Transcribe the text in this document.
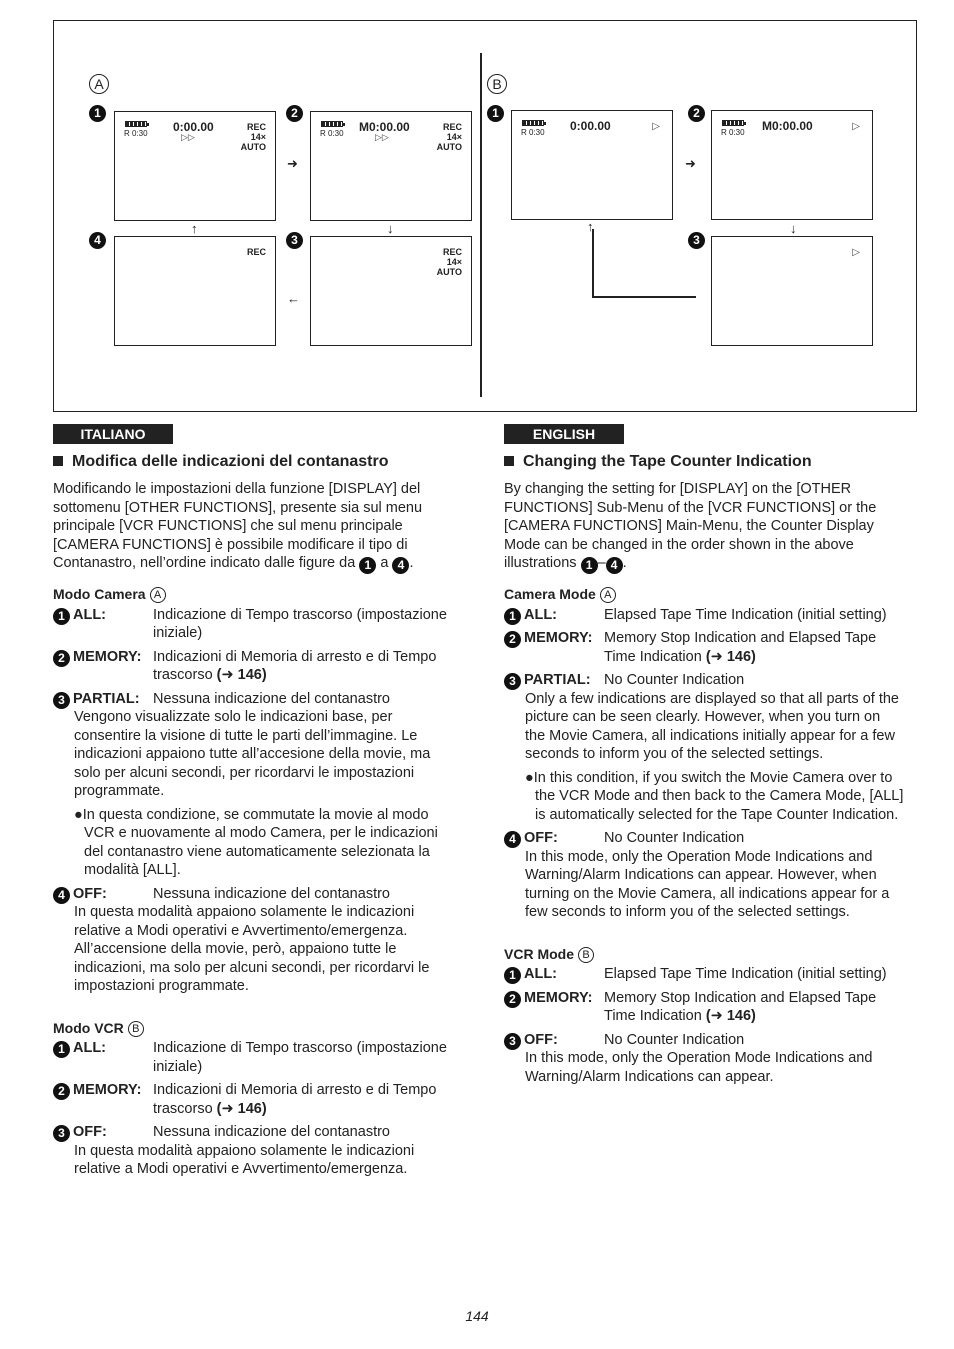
A
1
R 0:30 0:00.00
▷▷
REC
14×
AUTO
2
R 0:30 M0:00.00
▷▷
REC
14×
AUTO
➜
↓
↑
←
4
REC
3
REC
14×
AUTO
B
1
R 0:30 0:00.00	▷
2
R 0:30 M0:00.00	▷
➜
↓
3
▷
↑
ITALIANO

Modifica delle indicazioni del contanastro

Modificando le impostazioni della funzione [DISPLAY] del sottomenu [OTHER FUNCTIONS], presente sia sul menu principale [VCR FUNCTIONS] che sul menu principale [CAMERA FUNCTIONS] è possibile modificare il tipo di Contanastro, nell’ordine indicato dalle figure da 1 a 4 .

Modo Camera A

1 ALL:	Indicazione di Tempo trascorso (impostazione iniziale)

2 MEMORY: Indicazioni di Memoria di arresto e di Tempo trascorso (➜ 146)

3 PARTIAL: Nessuna indicazione del contanastro

Vengono visualizzate solo le indicazioni base, per consentire la visione di tutte le parti dell’immagine. Le indicazioni appaiono tutte all’accesione della movie, ma solo per alcuni secondi, per ricordarvi le impostazioni programmate.

●In questa condizione, se commutate la movie al modo VCR e nuovamente al modo Camera, per le indicazioni del contanastro viene automaticamente selezionata la modalità [ALL].

4 OFF:	Nessuna indicazione del contanastro

In questa modalità appaiono solamente le indicazioni relative a Modi operativi e Avvertimento/emergenza. All’accensione della movie, però, appaiono tutte le indicazioni, ma solo per alcuni secondi, per ricordarvi le impostazioni programmate.

Modo VCR B

1 ALL:	Indicazione di Tempo trascorso (impostazione iniziale)

2 MEMORY: Indicazioni di Memoria di arresto e di Tempo trascorso (➜ 146)

3 OFF:	Nessuna indicazione del contanastro

In questa modalità appaiono solamente le indicazioni relative a Modi operativi e Avvertimento/emergenza.

ENGLISH

Changing the Tape Counter Indication

By changing the setting for [DISPLAY] on the [OTHER FUNCTIONS] Sub-Menu of the [VCR FUNCTIONS] or the [CAMERA FUNCTIONS] Main-Menu, the Counter Display Mode can be changed in the order shown in the above illustrations 1 – 4 .

Camera Mode A

1 ALL:	Elapsed Tape Time Indication (initial setting)

2 MEMORY: Memory Stop Indication and Elapsed Tape Time Indication (➜ 146)

3 PARTIAL: No Counter Indication

Only a few indications are displayed so that all parts of the picture can be seen clearly. However, when you turn on the Movie Camera, all indications initially appear for a few seconds to inform you of the selected settings.

●In this condition, if you switch the Movie Camera over to the VCR Mode and then back to the Camera Mode, [ALL] is automatically selected for the Tape Counter Indication.

4 OFF:	No Counter Indication

In this mode, only the Operation Mode Indications and Warning/Alarm Indications can appear. However, when turning on the Movie Camera, all indications appear for a few seconds to inform you of the selected settings.

VCR Mode B

1 ALL:	Elapsed Tape Time Indication (initial setting)

2 MEMORY: Memory Stop Indication and Elapsed Tape Time Indication (➜ 146)

3 OFF:	No Counter Indication

In this mode, only the Operation Mode Indications and Warning/Alarm Indications can appear.

144
